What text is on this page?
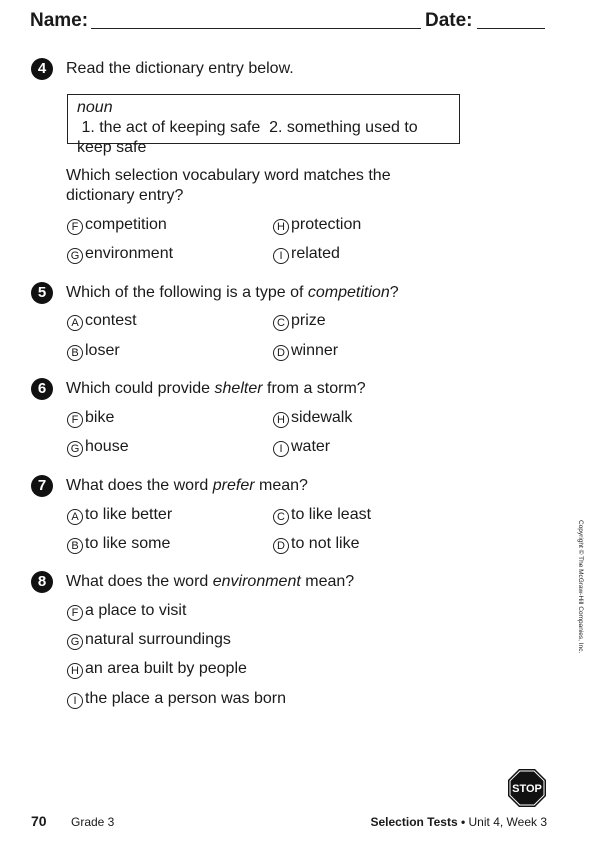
Name:	Date:
4	Read the dictionary entry below.
noun 1. the act of keeping safe  2. something used to
keep safe
Which selection vocabulary word matches the
dictionary entry?
F competition	H protection
G environment	I related
5	Which of the following is a type of competition?
A contest	C prize
B loser	D winner
6	Which could provide shelter from a storm?
F bike	H sidewalk
G house	I water
7	What does the word prefer mean?
A to like better	C to like least
B to like some	D to not like
8	What does the word environment mean?
F a place to visit
G natural surroundings
H an area built by people
I the place a person was born
Copyright © The McGraw-Hill Companies, Inc.
STOP
70 Grade 3	Selection Tests • Unit 4, Week 3
